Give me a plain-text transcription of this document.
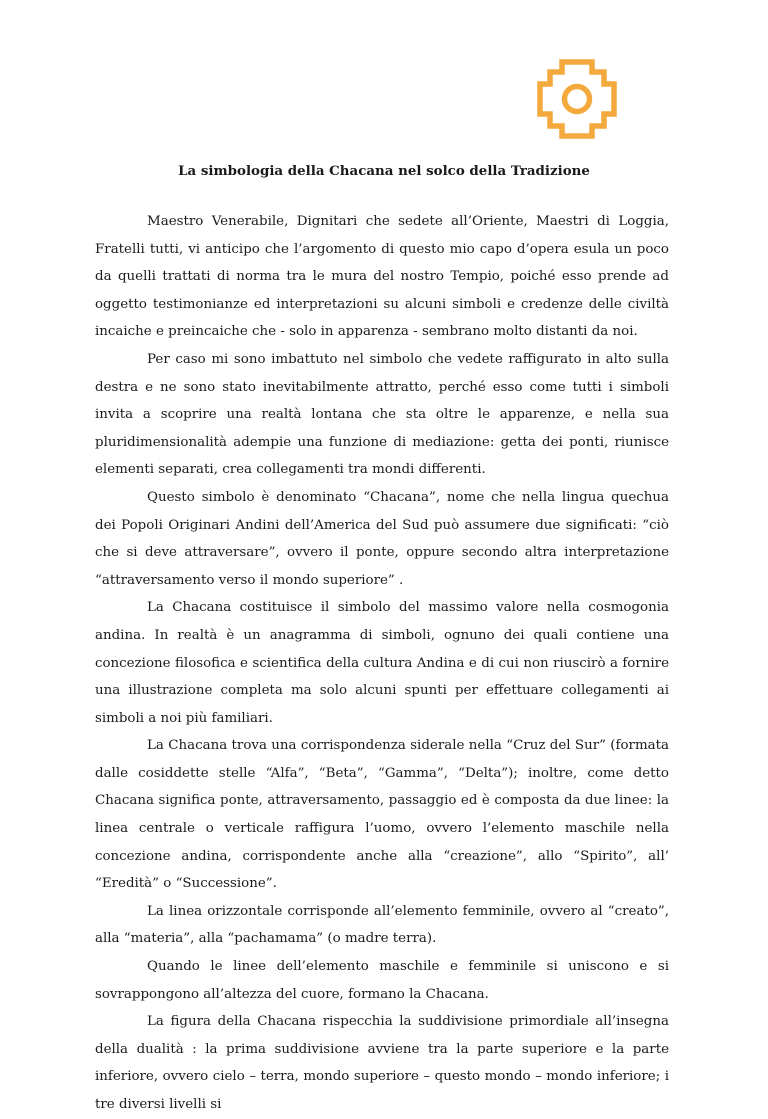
La simbologia della Chacana nel solco della Tradizione

Maestro Venerabile, Dignitari che sedete all’Oriente, Maestri di Loggia, Fratelli tutti, vi anticipo che l’argomento di questo mio capo d’opera esula un poco da quelli trattati di norma tra le mura del nostro Tempio, poiché esso prende ad oggetto testimonianze ed interpretazioni su alcuni simboli e credenze delle civiltà incaiche e preincaiche che - solo in apparenza - sembrano molto distanti da noi.

Per caso mi sono imbattuto nel simbolo che vedete raffigurato in alto sulla destra e ne sono stato inevitabilmente attratto, perché esso come tutti i simboli invita a scoprire una realtà lontana che sta oltre le apparenze, e nella sua pluridimensionalità adempie una funzione di mediazione: getta dei ponti, riunisce elementi separati, crea collegamenti tra mondi differenti.

Questo simbolo è denominato “Chacana”, nome che nella lingua quechua dei Popoli Originari Andini dell’America del Sud può assumere due significati: “ciò che si deve attraversare”, ovvero il ponte, oppure secondo altra interpretazione “attraversamento verso il mondo superiore” .

La Chacana costituisce il simbolo del massimo valore nella cosmogonia andina. In realtà è un anagramma di simboli, ognuno dei quali contiene una concezione filosofica e scientifica della cultura Andina e di cui non riuscirò a fornire una illustrazione completa ma solo alcuni spunti per effettuare collegamenti ai simboli a noi più familiari.

La Chacana trova una corrispondenza siderale nella “Cruz del Sur” (formata dalle cosiddette stelle “Alfa”, “Beta”, “Gamma”, “Delta”); inoltre, come detto Chacana significa ponte, attraversamento, passaggio ed è composta da due linee: la linea centrale o verticale raffigura l’uomo, ovvero l’elemento maschile nella concezione andina, corrispondente anche alla “creazione”, allo “Spirito”, all’ “Eredità” o “Successione”.

La linea orizzontale corrisponde all’elemento femminile, ovvero al “creato”, alla “materia”, alla “pachamama” (o madre terra).

Quando le linee dell’elemento maschile e femminile si uniscono e si sovrappongono all’altezza del cuore, formano la Chacana.

La figura della Chacana rispecchia la suddivisione primordiale all’insegna della dualità : la prima suddivisione avviene tra la parte superiore e la parte inferiore, ovvero cielo – terra, mondo superiore – questo mondo – mondo inferiore; i tre diversi livelli si
